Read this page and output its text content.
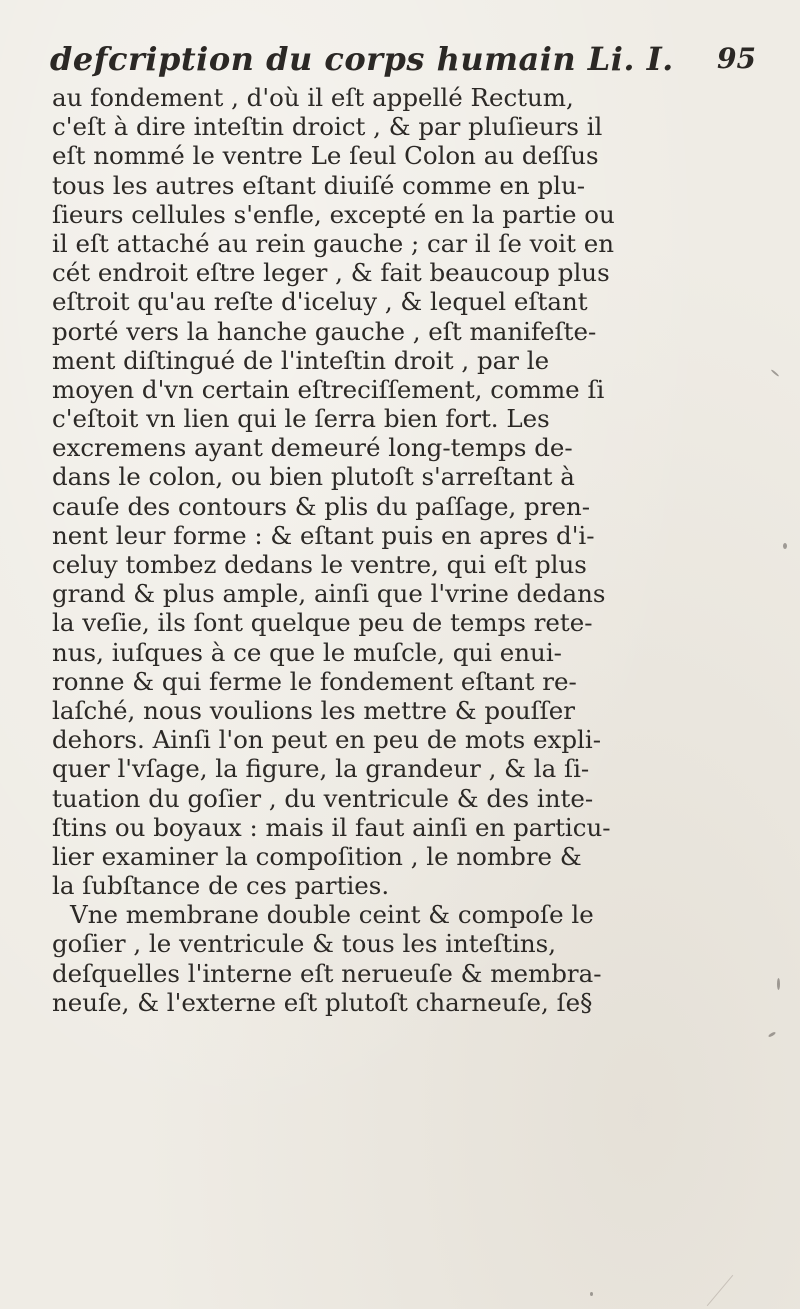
defcription du corps humain Li. I. 95
au fondement , d'où il eſt appellé Rectum,
c'eſt à dire inteſtin droict , & par pluſieurs il
eſt nommé le ventre Le ſeul Colon au deſſus
tous les autres eſtant diuiſé comme en plu-
ſieurs cellules s'enfle, excepté en la partie ou
il eſt attaché au rein gauche ; car il ſe voit en
cét endroit eſtre leger , & fait beaucoup plus
eſtroit qu'au reſte d'iceluy , & lequel eſtant
porté vers la hanche gauche , eſt manifeſte-
ment diſtingué de l'inteſtin droit , par le
moyen d'vn certain eſtreciſſement, comme ſi
c'eſtoit vn lien qui le ſerra bien fort. Les
excremens ayant demeuré long-temps de-
dans le colon, ou bien plutoſt s'arreſtant à
cauſe des contours & plis du paſſage, pren-
nent leur forme : & eſtant puis en apres d'i-
celuy tombez dedans le ventre, qui eſt plus
grand & plus ample, ainſi que l'vrine dedans
la veſie, ils ſont quelque peu de temps rete-
nus, iuſques à ce que le muſcle, qui enui-
ronne & qui ferme le fondement eſtant re-
laſché, nous voulions les mettre & pouſſer
dehors. Ainſi l'on peut en peu de mots expli-
quer l'vſage, la figure, la grandeur , & la ſi-
tuation du goſier , du ventricule & des inte-
ſtins ou boyaux : mais il faut ainſi en particu-
lier examiner la compoſition , le nombre &
la ſubſtance de ces parties.
Vne membrane double ceint & compoſe le
goſier , le ventricule & tous les inteſtins,
deſquelles l'interne eſt nerueuſe & membra-
neuſe, & l'externe eſt plutoſt charneuſe, ſe§
